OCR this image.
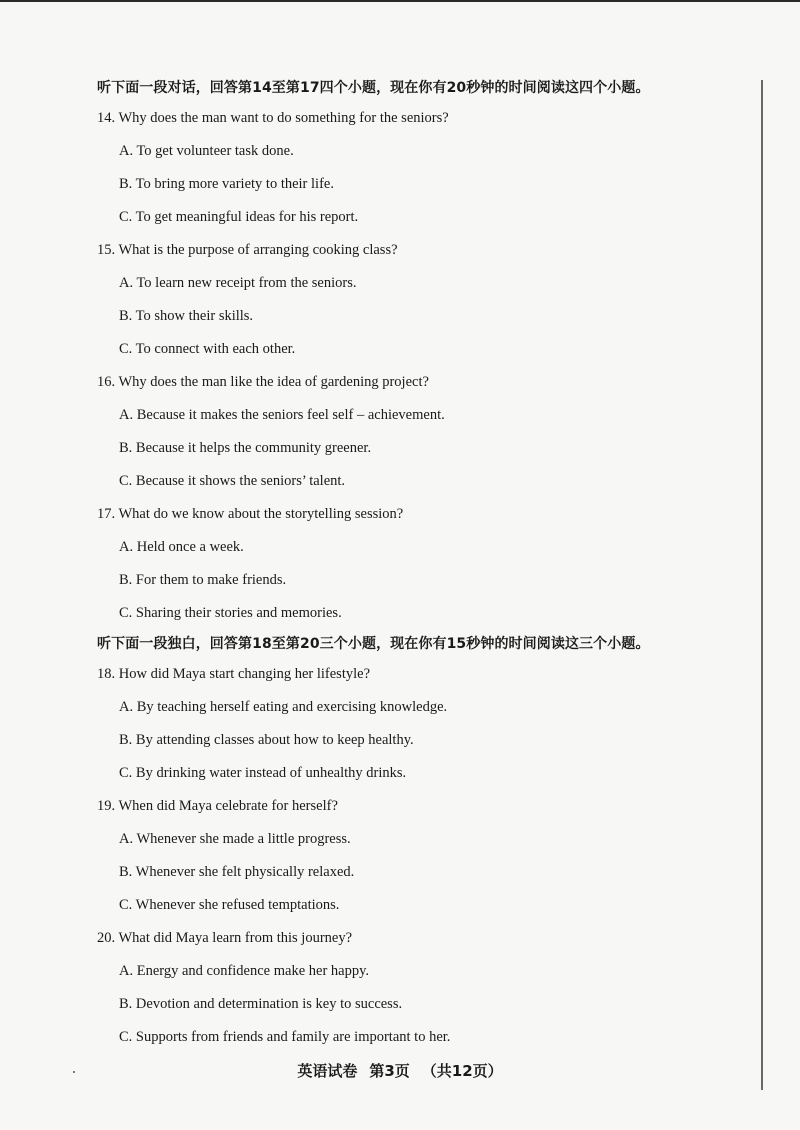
听下面一段对话，回答第14至第17四个小题，现在你有20秒钟的时间阅读这四个小题。
14. Why does the man want to do something for the seniors?
A. To get volunteer task done.
B. To bring more variety to their life.
C. To get meaningful ideas for his report.
15. What is the purpose of arranging cooking class?
A. To learn new receipt from the seniors.
B. To show their skills.
C. To connect with each other.
16. Why does the man like the idea of gardening project?
A. Because it makes the seniors feel self – achievement.
B. Because it helps the community greener.
C. Because it shows the seniors’ talent.
17. What do we know about the storytelling session?
A. Held once a week.
B. For them to make friends.
C. Sharing their stories and memories.
听下面一段独白，回答第18至第20三个小题，现在你有15秒钟的时间阅读这三个小题。
18. How did Maya start changing her lifestyle?
A. By teaching herself eating and exercising knowledge.
B. By attending classes about how to keep healthy.
C. By drinking water instead of unhealthy drinks.
19. When did Maya celebrate for herself?
A. Whenever she made a little progress.
B. Whenever she felt physically relaxed.
C. Whenever she refused temptations.
20. What did Maya learn from this journey?
A. Energy and confidence make her happy.
B. Devotion and determination is key to success.
C. Supports from friends and family are important to her.
英语试卷 第3页 （共12页）
